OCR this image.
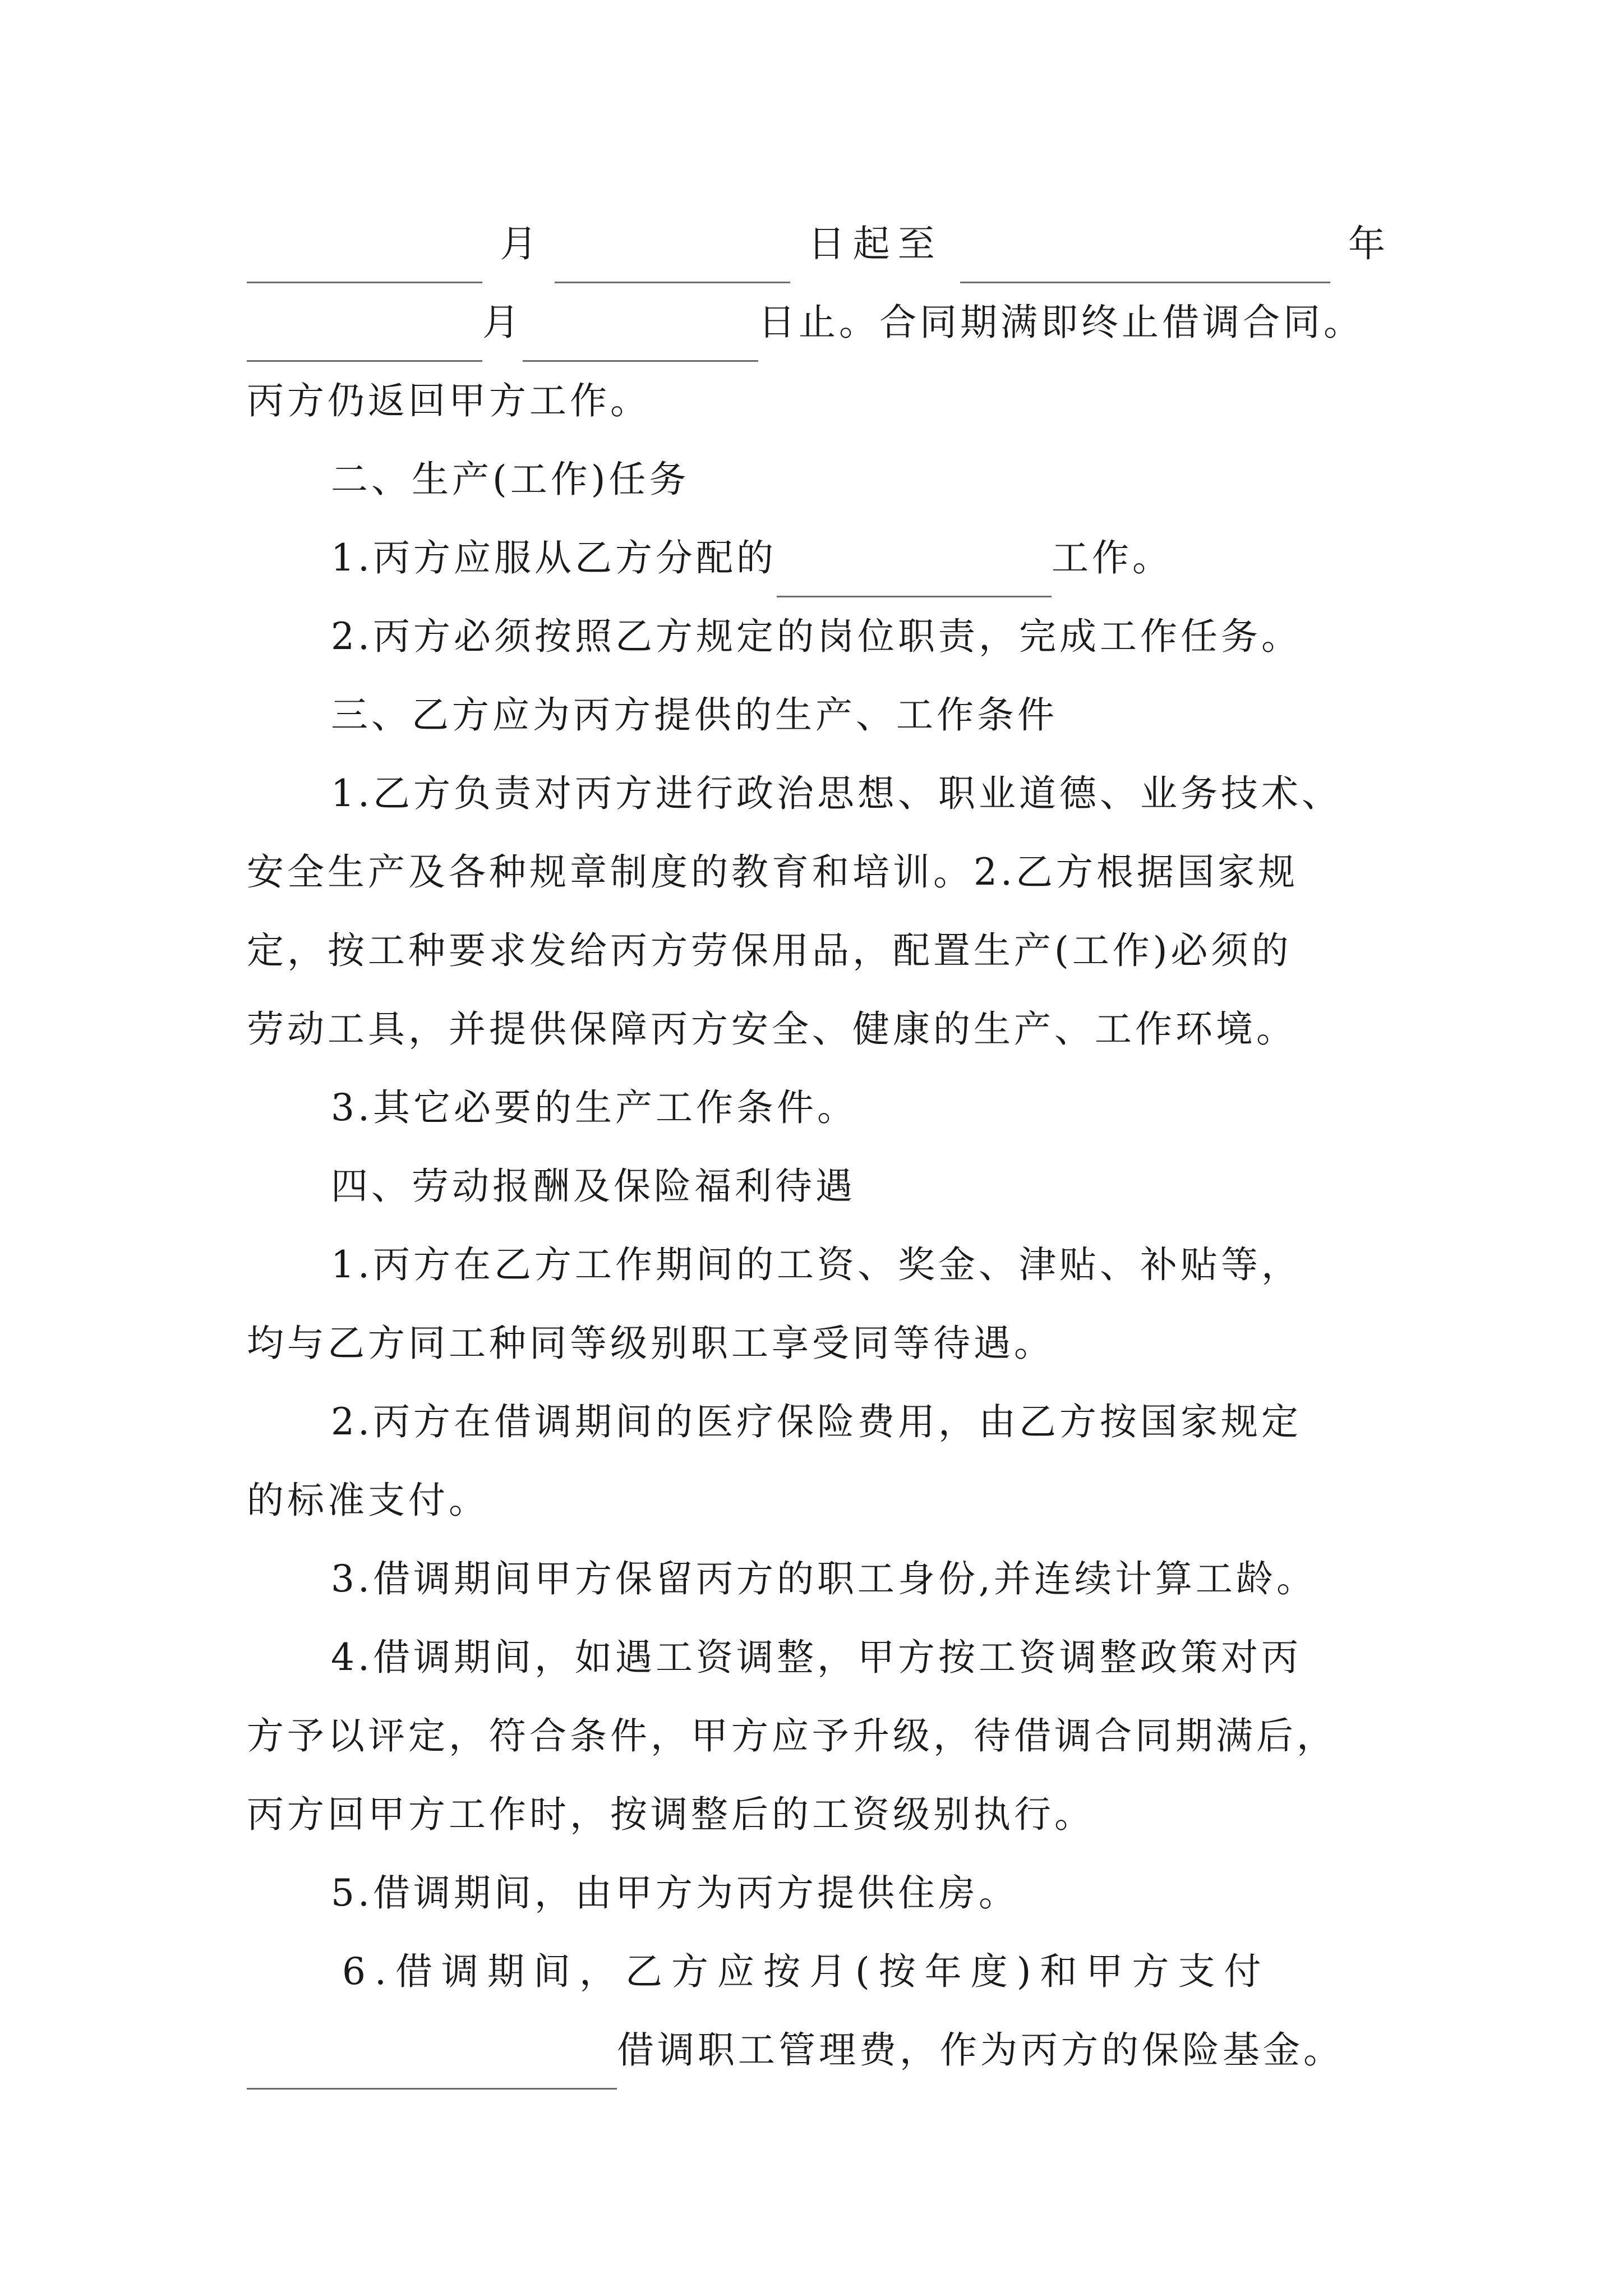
月	日起至	年
月	日止。合同期满即终止借调合同。
丙方仍返回甲方工作。
二、生产(工作)任务
1.丙方应服从乙方分配的	工作。
2.丙方必须按照乙方规定的岗位职责，完成工作任务。
三、乙方应为丙方提供的生产、工作条件
1.乙方负责对丙方进行政治思想、职业道德、业务技术、
安全生产及各种规章制度的教育和培训。2.乙方根据国家规
定，按工种要求发给丙方劳保用品，配置生产(工作)必须的
劳动工具，并提供保障丙方安全、健康的生产、工作环境。
3.其它必要的生产工作条件。
四、劳动报酬及保险福利待遇
1.丙方在乙方工作期间的工资、奖金、津贴、补贴等，
均与乙方同工种同等级别职工享受同等待遇。
2.丙方在借调期间的医疗保险费用，由乙方按国家规定
的标准支付。
3.借调期间甲方保留丙方的职工身份,并连续计算工龄。
4.借调期间，如遇工资调整，甲方按工资调整政策对丙
方予以评定，符合条件，甲方应予升级，待借调合同期满后，
丙方回甲方工作时，按调整后的工资级别执行。
5.借调期间，由甲方为丙方提供住房。
6.借调期间，乙方应按月(按年度)和甲方支付
借调职工管理费，作为丙方的保险基金。
